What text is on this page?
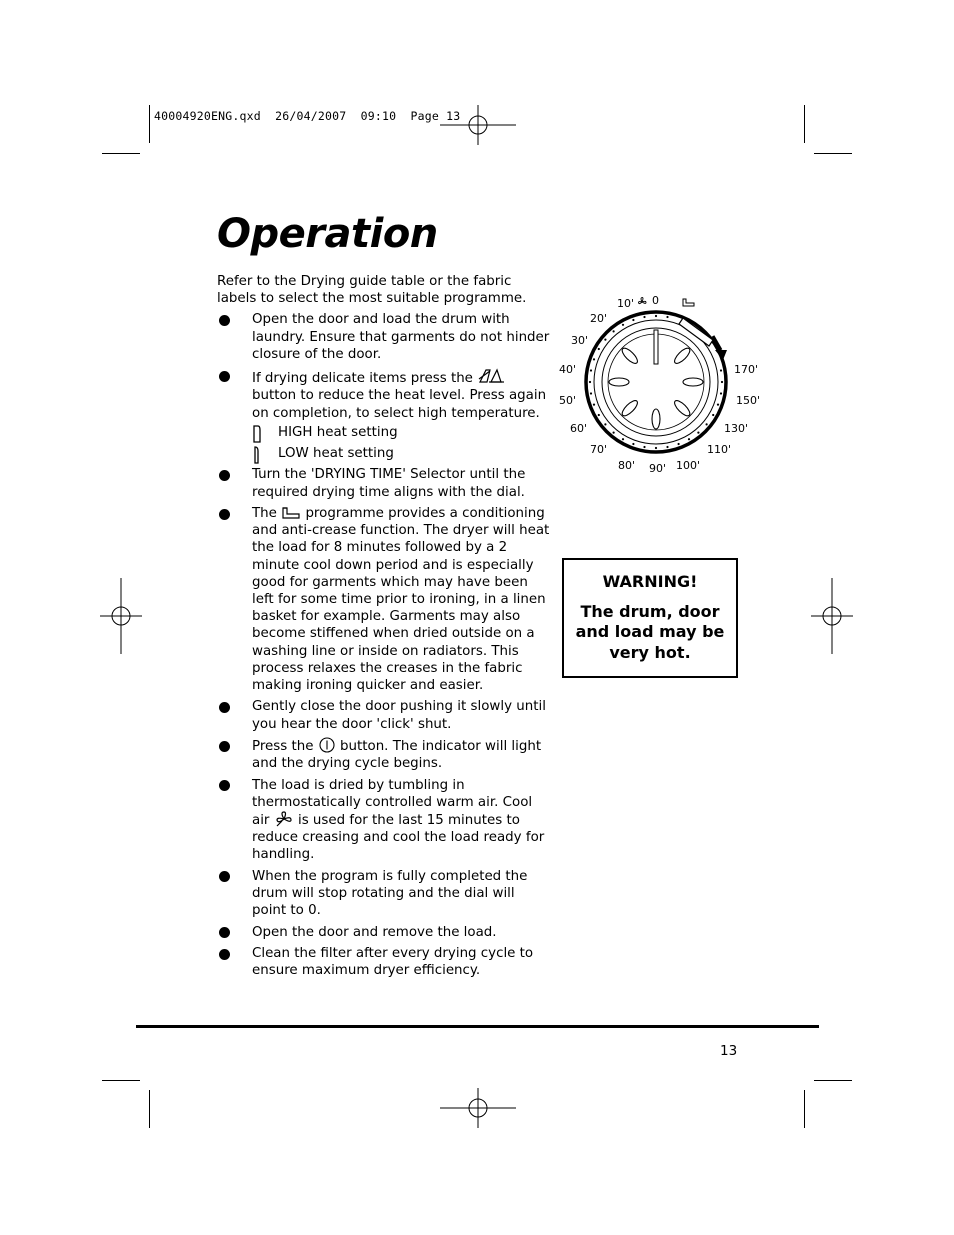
40004920ENG.qxd  26/04/2007  09:10  Page 13
Operation

Refer to the Drying guide table or the fabric labels to select the most suitable programme.

Open the door and load the drum with laundry. Ensure that garments do not hinder closure of the door.
If drying delicate items press the  button to reduce the heat level. Press again on completion, to select high temperature.
HIGH heat setting
LOW heat setting
Turn the 'DRYING TIME' Selector until the required drying time aligns with the dial.
The programme provides a conditioning and anti-crease function. The dryer will heat the load for 8 minutes followed by a 2 minute cool down period and is especially good for garments which may have been left for some time prior to ironing, in a linen basket for example. Garments may also become stiffened when dried outside on a washing line or inside on radiators. This process relaxes the creases in the fabric making ironing quicker and easier.
Gently close the door pushing it slowly until you hear the door 'click' shut.
Press the button. The indicator will light and the drying cycle begins.
The load is dried by tumbling in thermostatically controlled warm air. Cool air is used for the last 15 minutes to reduce creasing and cool the load ready for handling.
When the program is fully completed the drum will stop rotating and the dial will point to 0.
Open the door and remove the load.
Clean the filter after every drying cycle to ensure maximum dryer efficiency.
0
10'
20'
30'
40'
50'
60'
70'
80' 90' 100'
110'
130'
150'
170'
WARNING!
The drum, door and load may be very hot.
13
